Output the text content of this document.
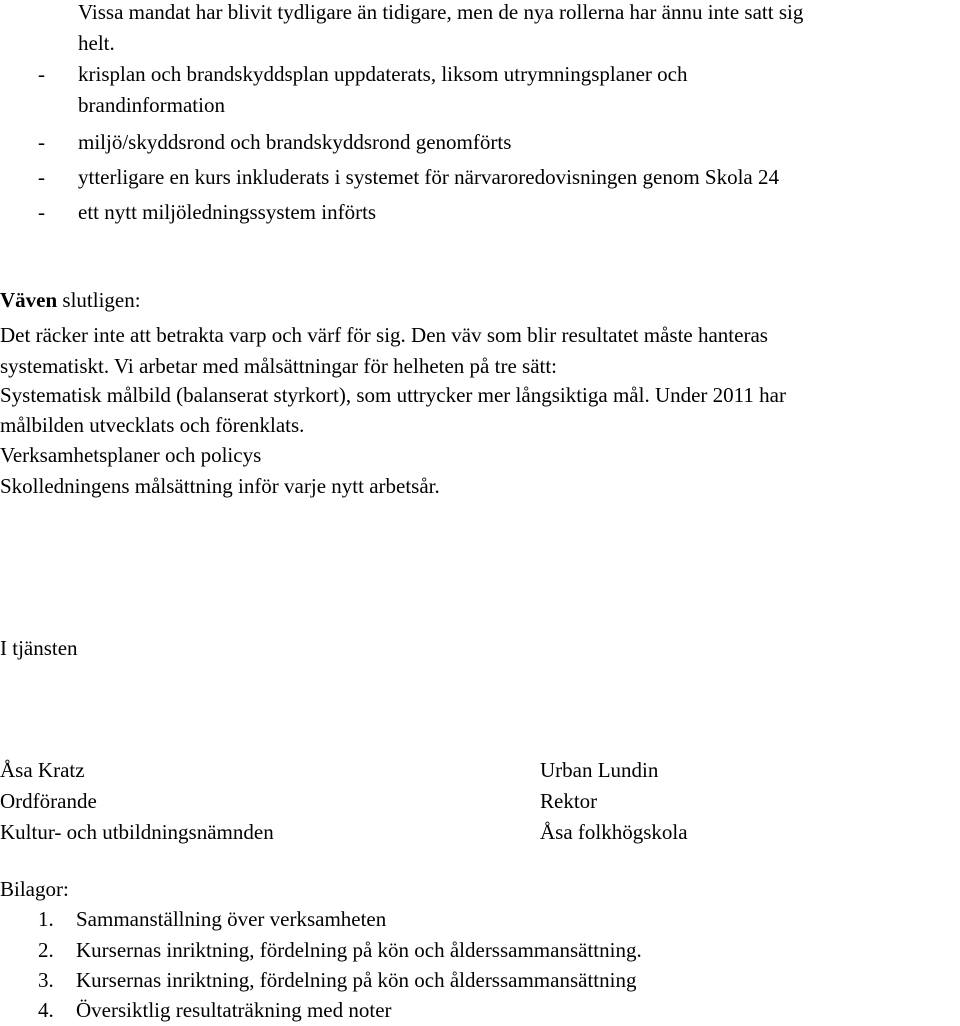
Vissa mandat har blivit tydligare än tidigare, men de nya rollerna har ännu inte satt sig
helt.
- krisplan och brandskyddsplan uppdaterats, liksom utrymningsplaner och
brandinformation
- miljö/skyddsrond och brandskyddsrond genomförts
- ytterligare en kurs inkluderats i systemet för närvaroredovisningen genom Skola 24
- ett nytt miljöledningssystem införts
Väven slutligen:
Det räcker inte att betrakta varp och värf för sig. Den väv som blir resultatet måste hanteras
systematiskt. Vi arbetar med målsättningar för helheten på tre sätt:
Systematisk målbild (balanserat styrkort), som uttrycker mer långsiktiga mål. Under 2011 har
målbilden utvecklats och förenklats.
Verksamhetsplaner och policys
Skolledningens målsättning inför varje nytt arbetsår.
I tjänsten
Åsa Kratz
Ordförande
Kultur- och utbildningsnämnden
Urban Lundin
Rektor
Åsa folkhögskola
Bilagor:
1. Sammanställning över verksamheten
2. Kursernas inriktning, fördelning på kön och ålderssammansättning.
3. Kursernas inriktning, fördelning på kön och ålderssammansättning
4. Översiktlig resultaträkning med noter
